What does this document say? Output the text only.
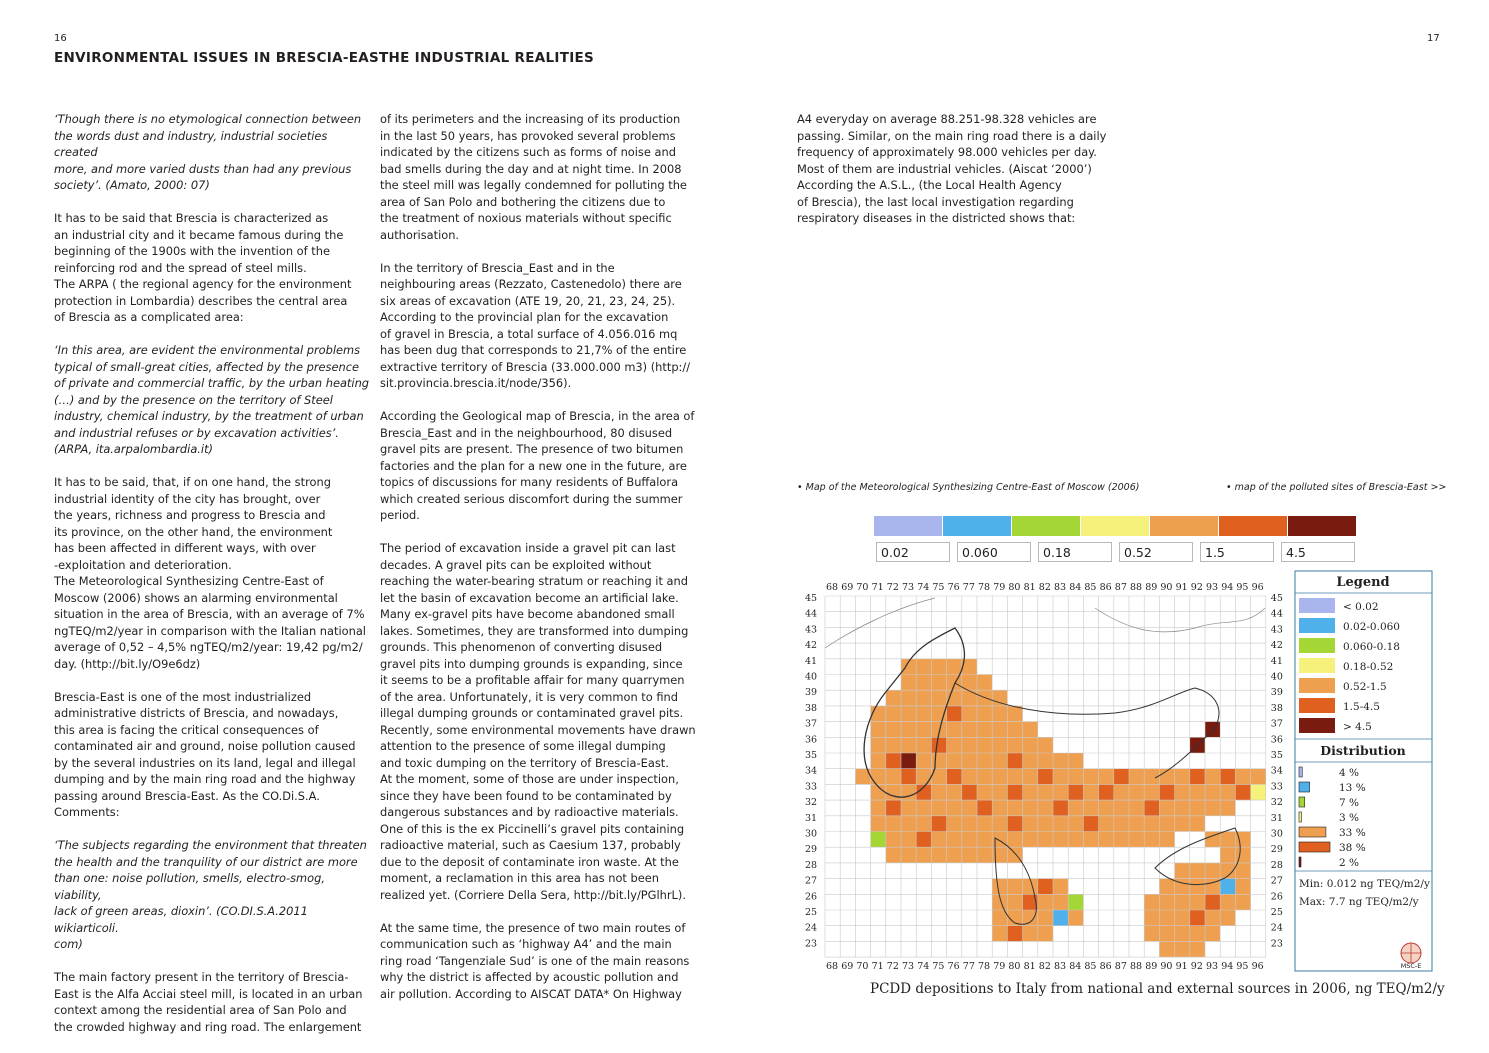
16	17
ENVIRONMENTAL ISSUES IN BRESCIA-EAST
THE INDUSTRIAL REALITIES

‘Though there is no etymological connection between
the words dust and industry, industrial societies created
more, and more varied dusts than had any previous
society’. (Amato, 2000: 07)

It has to be said that Brescia is characterized as
an industrial city and it became famous during the
beginning of the 1900s with the invention of the
reinforcing rod and the spread of steel mills.
The ARPA ( the regional agency for the environment
protection in Lombardia) describes the central area
of Brescia as a complicated area:

‘In this area, are evident the environmental problems
typical of small-great cities, affected by the presence
of private and commercial traffic, by the urban heating
(…) and by the presence on the territory of Steel
industry, chemical industry, by the treatment of urban
and industrial refuses or by excavation activities’.
(ARPA, ita.arpalombardia.it)

It has to be said, that, if on one hand, the strong
industrial identity of the city has brought, over
the years, richness and progress to Brescia and
its province, on the other hand, the environment
has been affected in different ways, with over
-exploitation and deterioration.
The Meteorological Synthesizing Centre-East of
Moscow (2006) shows an alarming environmental
situation in the area of Brescia, with an average of 7%
ngTEQ/m2/year in comparison with the Italian national
average of 0,52 – 4,5% ngTEQ/m2/year: 19,42 pg/m2/
day. (http://bit.ly/O9e6dz)

Brescia-East is one of the most industrialized
administrative districts of Brescia, and nowadays,
this area is facing the critical consequences of
contaminated air and ground, noise pollution caused
by the several industries on its land, legal and illegal
dumping and by the main ring road and the highway
passing around Brescia-East. As the CO.Di.S.A.
Comments:

‘The subjects regarding the environment that threaten
the health and the tranquility of our district are more
than one: noise pollution, smells, electro-smog, viability,
lack of green areas, dioxin’. (CO.DI.S.A.2011 wikiarticoli.
com)

The main factory present in the territory of Brescia-
East is the Alfa Acciai steel mill, is located in an urban
context among the residential area of San Polo and
the crowded highway and ring road. The enlargement

of its perimeters and the increasing of its production
in the last 50 years, has provoked several problems
indicated by the citizens such as forms of noise and
bad smells during the day and at night time. In 2008
the steel mill was legally condemned for polluting the
area of San Polo and bothering the citizens due to
the treatment of noxious materials without specific
authorisation.

In the territory of Brescia_East and in the
neighbouring areas (Rezzato, Castenedolo) there are
six areas of excavation (ATE 19, 20, 21, 23, 24, 25).
According to the provincial plan for the excavation
of gravel in Brescia, a total surface of 4.056.016 mq
has been dug that corresponds to 21,7% of the entire
extractive territory of Brescia (33.000.000 m3) (http://
sit.provincia.brescia.it/node/356).

According the Geological map of Brescia, in the area of
Brescia_East and in the neighbourhood, 80 disused
gravel pits are present. The presence of two bitumen
factories and the plan for a new one in the future, are
topics of discussions for many residents of Buffalora
which created serious discomfort during the summer
period.

The period of excavation inside a gravel pit can last
decades. A gravel pits can be exploited without
reaching the water-bearing stratum or reaching it and
let the basin of excavation become an artificial lake.
Many ex-gravel pits have become abandoned small
lakes. Sometimes, they are transformed into dumping
grounds. This phenomenon of converting disused
gravel pits into dumping grounds is expanding, since
it seems to be a profitable affair for many quarrymen
of the area. Unfortunately, it is very common to find
illegal dumping grounds or contaminated gravel pits.
Recently, some environmental movements have drawn
attention to the presence of some illegal dumping
and toxic dumping on the territory of Brescia-East.
At the moment, some of those are under inspection,
since they have been found to be contaminated by
dangerous substances and by radioactive materials.
One of this is the ex Piccinelli’s gravel pits containing
radioactive material, such as Caesium 137, probably
due to the deposit of contaminate iron waste. At the
moment, a reclamation in this area has not been
realized yet. (Corriere Della Sera, http://bit.ly/PGlhrL).

At the same time, the presence of two main routes of
communication such as ‘highway A4’ and the main
ring road ‘Tangenziale Sud’ is one of the main reasons
why the district is affected by acoustic pollution and
air pollution. According to AISCAT DATA* On Highway

A4 everyday on average 88.251-98.328 vehicles are
passing. Similar, on the main ring road there is a daily
frequency of approximately 98.000 vehicles per day.
Most of them are industrial vehicles. (Aiscat ‘2000’)
According the A.S.L., (the Local Health Agency
of Brescia), the last local investigation regarding
respiratory diseases in the districted shows that:

• Map of the Meteorological Synthesizing Centre-East of Moscow (2006)	• map of the polluted sites of Brescia-East >>
0.02	0.060	0.18	0.52	1.5	4.5
68
68
69
69
70
70
71
71
72
72
73
73
74
74
75
75
76
76
77
77
78
78
79
79
80
80
81
81
82
82
83
83
84
84
85
85
86
86
87
87
88
88
89
89
90
90
91
91
92
92
93
93
94
94
95
95
96
96
45	45
44	44
43	43
42	42
41	41
40	40
39	39
38	38
37	37
36	36
35	35
34	34
33	33
32	32
31	31
30	30
29	29
28	28
27	27
26	26
25	25
24	24
23	23
Legend
< 0.02
0.02-0.060
0.060-0.18
0.18-0.52
0.52-1.5
1.5-4.5
> 4.5
Distribution
4 %
13 %
7 %
3 %
33 %
38 %
2 %
Min: 0.012 ng TEQ/m2/y
Max: 7.7 ng TEQ/m2/y
MSC-E
PCDD depositions to Italy from national and external sources in 2006, ng TEQ/m2/y
